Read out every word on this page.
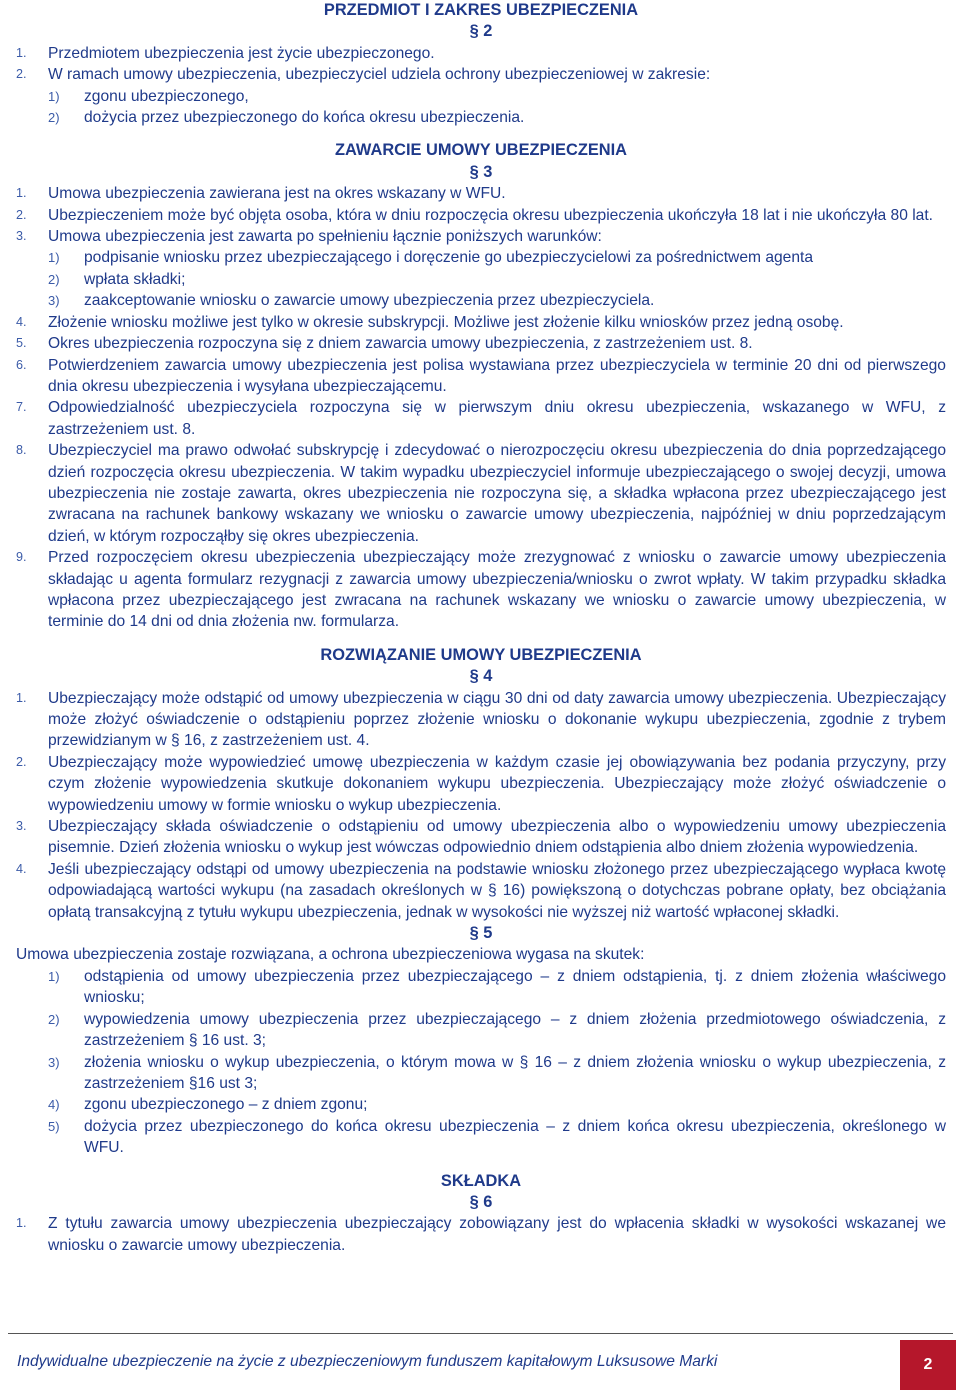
PRZEDMIOT I ZAKRES UBEZPIECZENIA
§ 2
1.	Przedmiotem ubezpieczenia jest życie ubezpieczonego.
2.	W ramach umowy ubezpieczenia, ubezpieczyciel udziela ochrony ubezpieczeniowej w zakresie:
1)	zgonu ubezpieczonego,
2)	dożycia przez ubezpieczonego do końca okresu ubezpieczenia.
ZAWARCIE UMOWY UBEZPIECZENIA
§ 3
1.	Umowa ubezpieczenia zawierana jest na okres wskazany w WFU.
2.	Ubezpieczeniem może być objęta osoba, która w dniu rozpoczęcia okresu ubezpieczenia ukończyła 18 lat i nie ukończyła 80 lat.
3.	Umowa ubezpieczenia jest zawarta po spełnieniu łącznie poniższych warunków:
1)	podpisanie wniosku przez ubezpieczającego i doręczenie go ubezpieczycielowi za pośrednictwem agenta
2)	wpłata składki;
3)	zaakceptowanie wniosku o zawarcie umowy ubezpieczenia przez ubezpieczyciela.
4.	Złożenie wniosku możliwe jest tylko w okresie subskrypcji. Możliwe jest złożenie kilku wniosków przez jedną osobę.
5.	Okres ubezpieczenia rozpoczyna się z dniem zawarcia umowy ubezpieczenia, z zastrzeżeniem ust. 8.
6.	Potwierdzeniem zawarcia umowy ubezpieczenia jest polisa wystawiana przez ubezpieczyciela w terminie 20 dni od pierwszego dnia okresu ubezpieczenia i wysyłana ubezpieczającemu.
7.	Odpowiedzialność ubezpieczyciela rozpoczyna się w pierwszym dniu okresu ubezpieczenia, wskazanego w WFU, z zastrzeżeniem ust. 8.
8.	Ubezpieczyciel ma prawo odwołać subskrypcję i zdecydować o nierozpoczęciu okresu ubezpieczenia do dnia poprzedzającego dzień rozpoczęcia okresu ubezpieczenia. W takim wypadku ubezpieczyciel informuje ubezpieczającego o swojej decyzji, umowa ubezpieczenia nie zostaje zawarta, okres ubezpieczenia nie rozpoczyna się, a składka wpłacona przez ubezpieczającego jest zwracana na rachunek bankowy wskazany we wniosku o zawarcie umowy ubezpieczenia, najpóźniej w dniu poprzedzającym dzień, w którym rozpocząłby się okres ubezpieczenia.
9.	Przed rozpoczęciem okresu ubezpieczenia ubezpieczający może zrezygnować z wniosku o zawarcie umowy ubezpieczenia składając u agenta formularz rezygnacji z zawarcia umowy ubezpieczenia/wniosku o zwrot wpłaty. W takim przypadku składka wpłacona przez ubezpieczającego jest zwracana na rachunek wskazany we wniosku o zawarcie umowy ubezpieczenia, w terminie do 14 dni od dnia złożenia nw. formularza.
ROZWIĄZANIE UMOWY UBEZPIECZENIA
§ 4
1.	Ubezpieczający może odstąpić od umowy ubezpieczenia w ciągu 30 dni od daty zawarcia umowy ubezpieczenia. Ubezpieczający może złożyć oświadczenie o odstąpieniu poprzez złożenie wniosku o dokonanie wykupu ubezpieczenia, zgodnie z trybem przewidzianym w § 16, z zastrzeżeniem ust. 4.
2.	Ubezpieczający może wypowiedzieć umowę ubezpieczenia w każdym czasie jej obowiązywania bez podania przyczyny, przy czym złożenie wypowiedzenia skutkuje dokonaniem wykupu ubezpieczenia. Ubezpieczający może złożyć oświadczenie o wypowiedzeniu umowy w formie wniosku o wykup ubezpieczenia.
3.	Ubezpieczający składa oświadczenie o odstąpieniu od umowy ubezpieczenia albo o wypowiedzeniu umowy ubezpieczenia pisemnie. Dzień złożenia wniosku o wykup jest wówczas odpowiednio dniem odstąpienia albo dniem złożenia wypowiedzenia.
4.	Jeśli ubezpieczający odstąpi od umowy ubezpieczenia na podstawie wniosku złożonego przez ubezpieczającego wypłaca kwotę odpowiadającą wartości wykupu (na zasadach określonych w § 16) powiększoną o dotychczas pobrane opłaty, bez obciążania opłatą transakcyjną z tytułu wykupu ubezpieczenia, jednak w wysokości nie wyższej niż wartość wpłaconej składki.
§ 5
Umowa ubezpieczenia zostaje rozwiązana, a ochrona ubezpieczeniowa wygasa na skutek:
1)	odstąpienia od umowy ubezpieczenia przez ubezpieczającego – z dniem odstąpienia, tj. z dniem złożenia właściwego wniosku;
2)	wypowiedzenia umowy ubezpieczenia przez ubezpieczającego – z dniem złożenia przedmiotowego oświadczenia, z zastrzeżeniem § 16 ust. 3;
3)	złożenia wniosku o wykup ubezpieczenia, o którym mowa w § 16 – z dniem złożenia wniosku o wykup ubezpieczenia, z zastrzeżeniem §16 ust 3;
4)	zgonu ubezpieczonego – z dniem zgonu;
5)	dożycia przez ubezpieczonego do końca okresu ubezpieczenia – z dniem końca okresu ubezpieczenia, określonego w WFU.
SKŁADKA
§ 6
1.	Z tytułu zawarcia umowy ubezpieczenia ubezpieczający zobowiązany jest do wpłacenia składki w wysokości wskazanej we wniosku o zawarcie umowy ubezpieczenia.
Indywidualne ubezpieczenie na życie z ubezpieczeniowym funduszem kapitałowym Luksusowe Marki	2
